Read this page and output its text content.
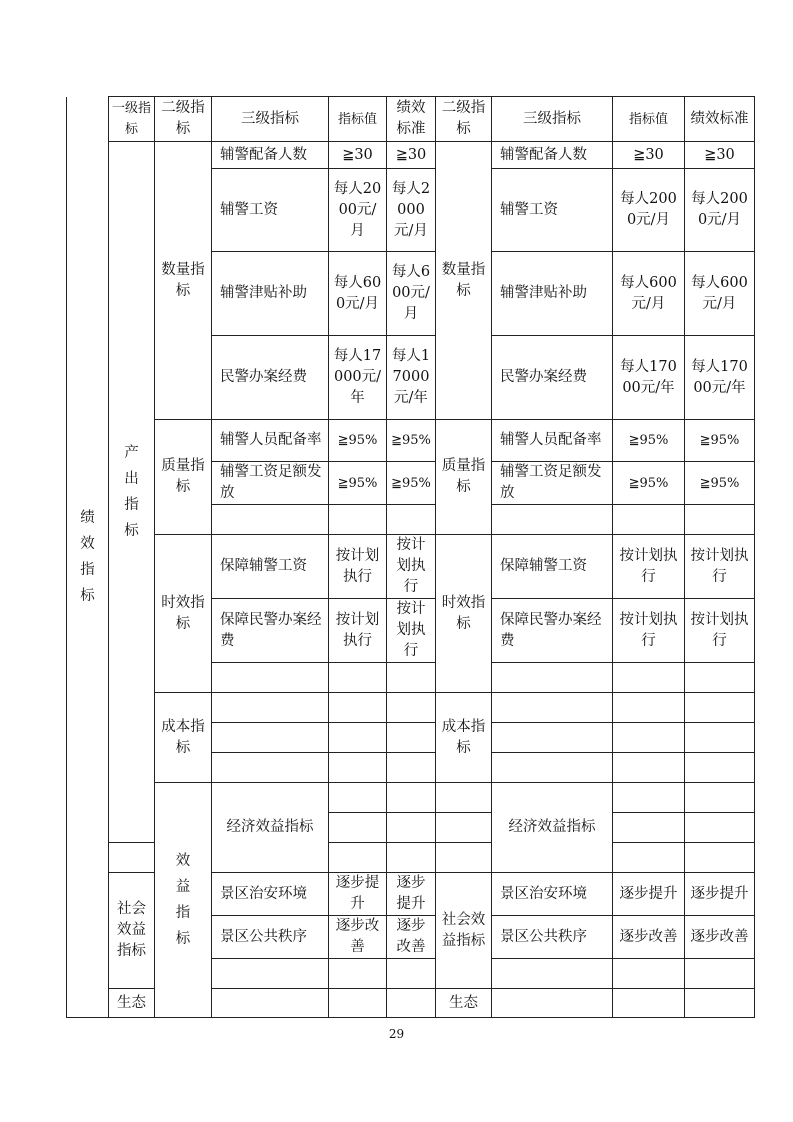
绩效指标	一级指标	二级指标	三级指标	指标值	绩效标准	二级指标	三级指标	指标值	绩效标准	
	产出指标	数量指标	辅警配备人数	≧30	≧30	数量指标	辅警配备人数	≧30	≧30	
			辅警工资	每人2000元/月	每人2000元/月		辅警工资	每人2000元/月	每人2000元/月	
			辅警津贴补助	每人600元/月	每人600元/月		辅警津贴补助	每人600元/月	每人600元/月	
			民警办案经费	每人17000元/年	每人17000元/年		民警办案经费	每人17000元/年	每人17000元/年	
		质量指标	辅警人员配备率	≧95%	≧95%	质量指标	辅警人员配备率	≧95%	≧95%	
			辅警工资足额发放	≧95%	≧95%		辅警工资足额发放	≧95%	≧95%	

		时效指标	保障辅警工资	按计划执行	按计划执行	时效指标	保障辅警工资	按计划执行	按计划执行	
			保障民警办案经费	按计划执行	按计划执行		保障民警办案经费	按计划执行	按计划执行	

		成本指标				成本指标				

		效益指标	经济效益指标				经济效益指标			

	社会效益指标		景区治安环境	逐步提升	逐步提升	社会效益指标	景区治安环境	逐步提升	逐步提升	
			景区公共秩序	逐步改善	逐步改善		景区公共秩序	逐步改善	逐步改善	

	生态					生态				
29
